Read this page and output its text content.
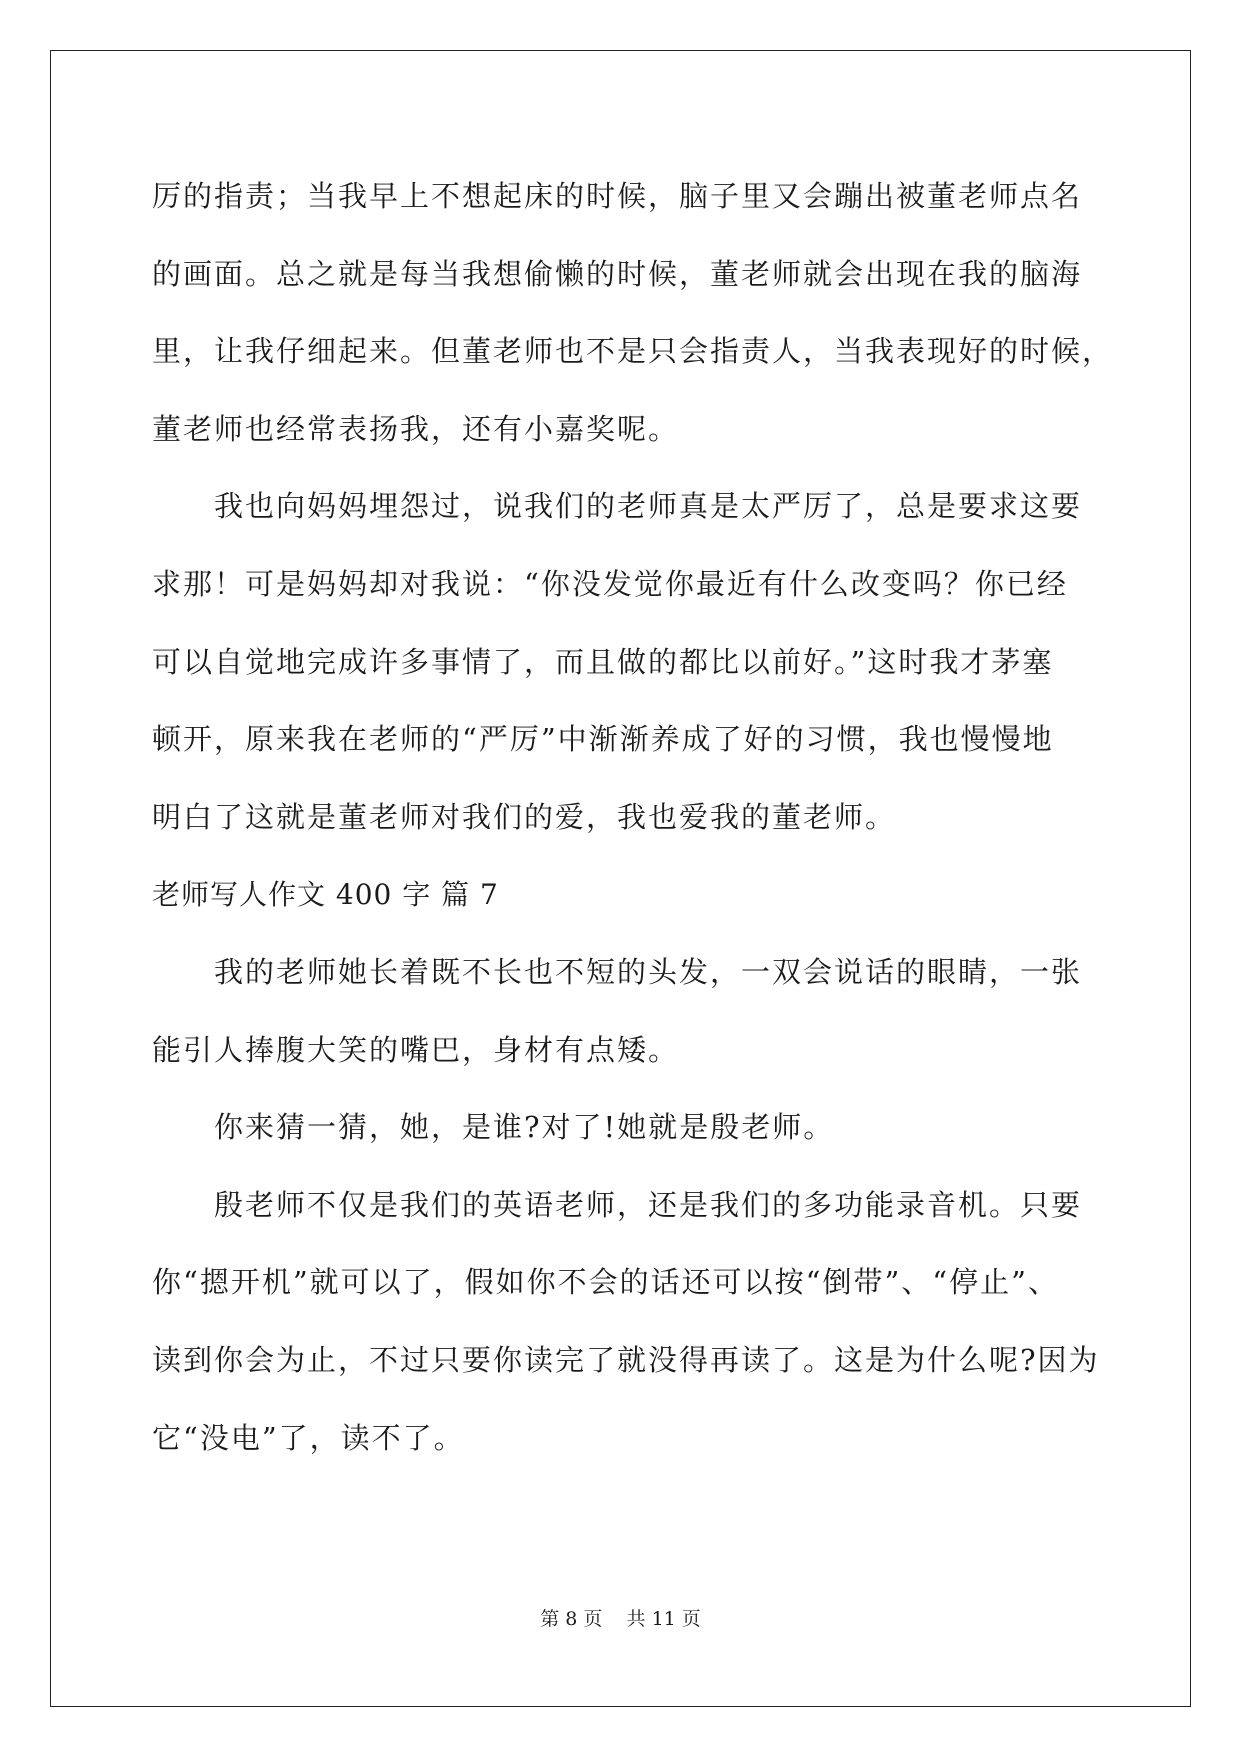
厉的指责；当我早上不想起床的时候，脑子里又会蹦出被董老师点名
的画面。总之就是每当我想偷懒的时候，董老师就会出现在我的脑海
里，让我仔细起来。但董老师也不是只会指责人，当我表现好的时候，
董老师也经常表扬我，还有小嘉奖呢。
我也向妈妈埋怨过，说我们的老师真是太严厉了，总是要求这要
求那！可是妈妈却对我说：“你没发觉你最近有什么改变吗？你已经
可以自觉地完成许多事情了，而且做的都比以前好。”这时我才茅塞
顿开，原来我在老师的“严厉”中渐渐养成了好的习惯，我也慢慢地
明白了这就是董老师对我们的爱，我也爱我的董老师。
老师写人作文 400 字 篇 7
我的老师她长着既不长也不短的头发，一双会说话的眼睛，一张
能引人捧腹大笑的嘴巴，身材有点矮。
你来猜一猜，她，是谁?对了!她就是殷老师。
殷老师不仅是我们的英语老师，还是我们的多功能录音机。只要
你“摁开机”就可以了，假如你不会的话还可以按“倒带”、“停止”、
读到你会为止，不过只要你读完了就没得再读了。这是为什么呢?因为
它“没电”了，读不了。
第 8 页    共 11 页
